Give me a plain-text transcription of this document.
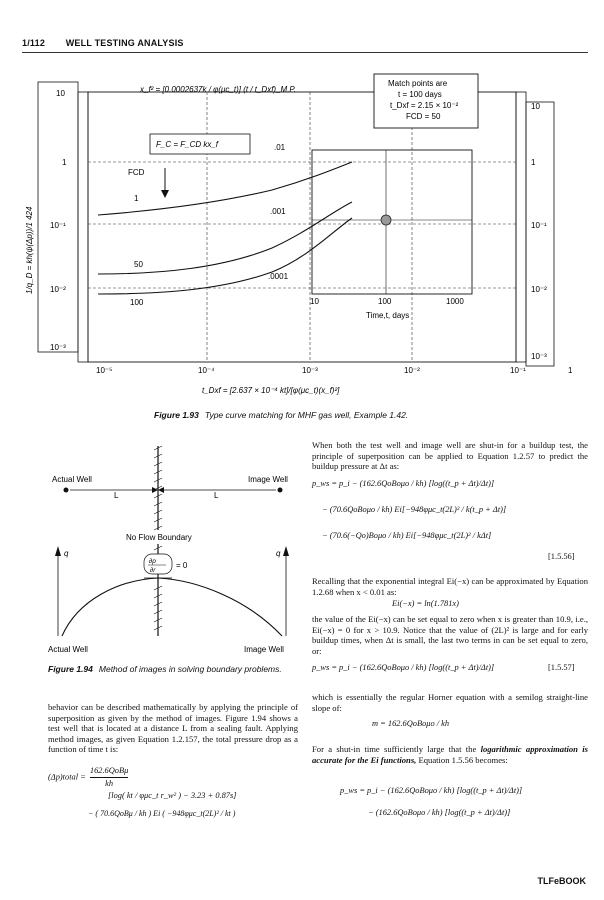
1/112 WELL TESTING ANALYSIS
10
1
10⁻¹
10⁻²
10⁻³
10
1
10⁻¹
10⁻²
10⁻³
10⁻⁵	10⁻⁴	10⁻³	10⁻²	10⁻¹	1
10	100	1000
Time,t, days
1
50
100
.01
.001
.0001
FCD
F_C = F_CD kx_f
Match points are
t = 100 days
t_Dxf = 2.15 × 10⁻²
FCD = 50
x_f² = [0.0002637k / φ(μc_t)] (t / t_Dxf)_M.P.
1/q_D = kh(ψ(Δp))/1 424
t_Dxf = [2.637 × 10⁻⁴ kt]/[φ(μc_t)(x_f)²]
Figure 1.93 Type curve matching for MHF gas well, Example 1.42.
Actual Well	Image Well
L	L
No Flow Boundary
q	q
∂p
∂r
= 0
Actual Well	Image Well
Figure 1.94 Method of images in solving boundary problems.
behavior can be described mathematically by applying the principle of superposition as given by the method of images. Figure 1.94 shows a test well that is located at a distance L from a sealing fault. Applying method images, as given Equation 1.2.157, the total pressure drop as a function of time t is:
(Δp)total =
162.6QoBμ
kh
[log( kt / φμc_t r_w² ) − 3.23 + 0.87s]
− ( 70.6QoBμ / kh ) Ei ( −948φμc_t(2L)² / kt )
When both the test well and image well are shut-in for a buildup test, the principle of superposition can be applied to Equation 1.2.57 to predict the buildup pressure at Δt as:
p_ws = p_i − (162.6QoBoμo / kh) [log((t_p + Δt)/Δt)]
− (70.6QoBoμo / kh) Ei[−948φμc_t(2L)² / k(t_p + Δt)]
− (70.6(−Qo)Boμo / kh) Ei[−948φμc_t(2L)² / kΔt]
[1.5.56]
Recalling that the exponential integral Ei(−x) can be approximated by Equation 1.2.68 when x < 0.01 as:
Ei(−x) = ln(1.781x)
the value of the Ei(−x) can be set equal to zero when x is greater than 10.9, i.e., Ei(−x) = 0 for x > 10.9. Notice that the value of (2L)² is large and for early buildup times, when Δt is small, the last two terms in can be set equal to zero, or:
p_ws = p_i − (162.6QoBoμo / kh) [log((t_p + Δt)/Δt)]	[1.5.57]
which is essentially the regular Horner equation with a semilog straight-line slope of:
m = 162.6QoBoμo / kh
For a shut-in time sufficiently large that the logarithmic approximation is accurate for the Ei functions, Equation 1.5.56 becomes:
p_ws = p_i − (162.6QoBoμo / kh) [log((t_p + Δt)/Δt)]
− (162.6QoBoμo / kh) [log((t_p + Δt)/Δt)]
TLFeBOOK
